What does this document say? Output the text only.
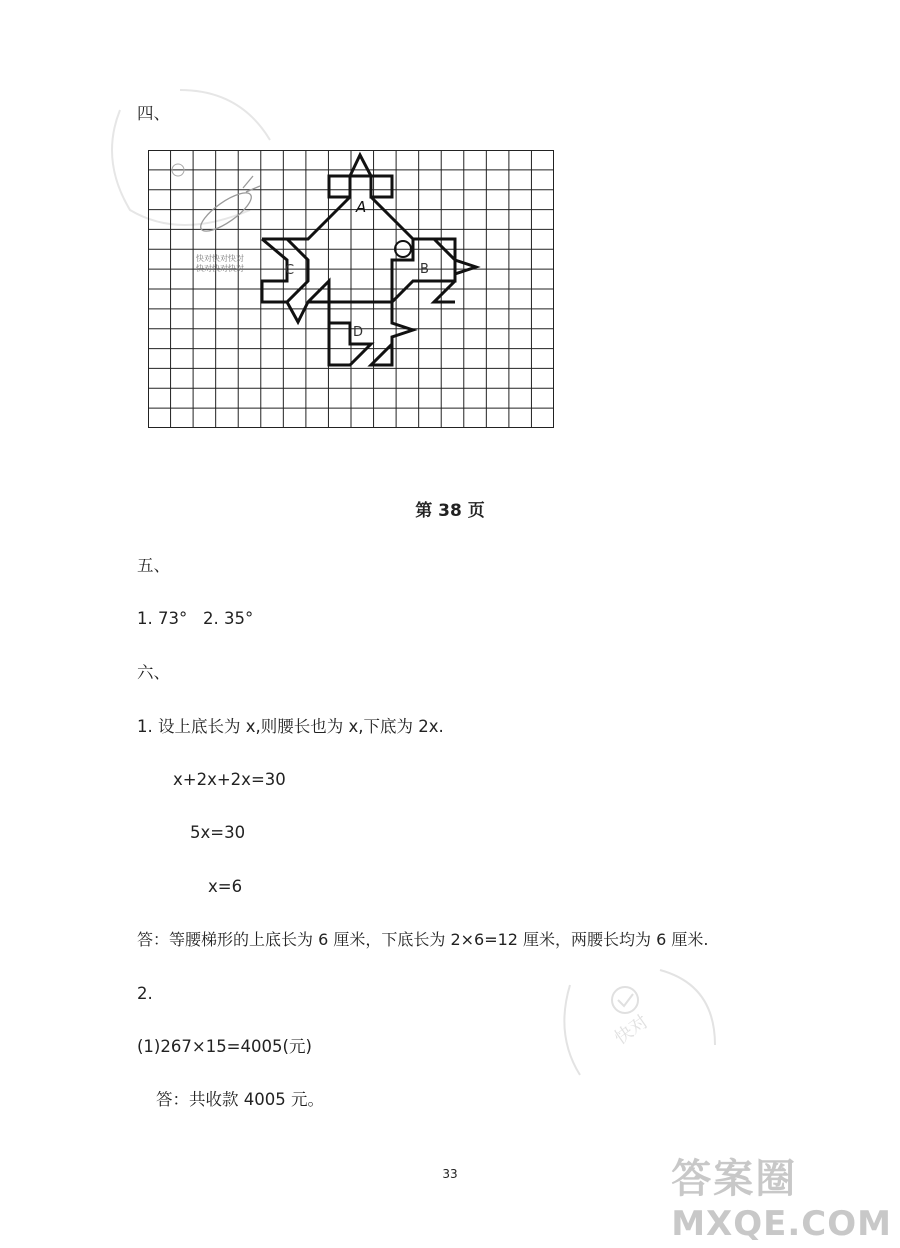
四、
A
B
C
D
快对快对快对
快对快对快对
第 38 页
五、
1. 73°   2. 35°
六、
1. 设上底长为 x,则腰长也为 x,下底为 2x.
x+2x+2x=30
5x=30
x=6
答：等腰梯形的上底长为 6 厘米，下底长为 2×6=12 厘米，两腰长均为 6 厘米.
2.
(1)267×15=4005(元)
答：共收款 4005 元。
快对
33	答案圈
MXQE.COM
